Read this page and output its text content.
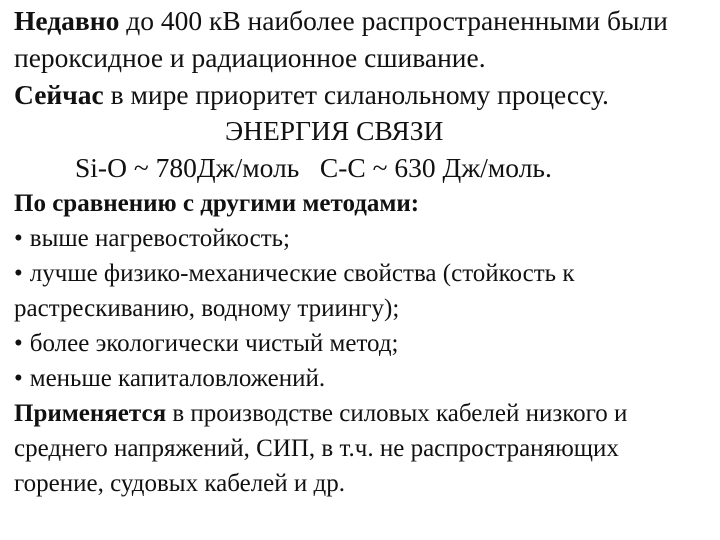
Недавно до 400 кВ наиболее распространенными были пероксидное и радиационное сшивание.
Сейчас в мире приоритет силанольному процессу.

ЭНЕРГИЯ СВЯЗИ

Si-O ~ 780Дж/моль   C-C ~ 630 Дж/моль.

По сравнению с другими методами:

• выше нагревостойкость;
• лучше физико-механические свойства (стойкость к растрескиванию, водному триингу);
• более экологически чистый метод;
• меньше капиталовложений.

Применяется в производстве силовых кабелей низкого и среднего напряжений, СИП, в т.ч. не распространяющих горение, судовых кабелей и др.
